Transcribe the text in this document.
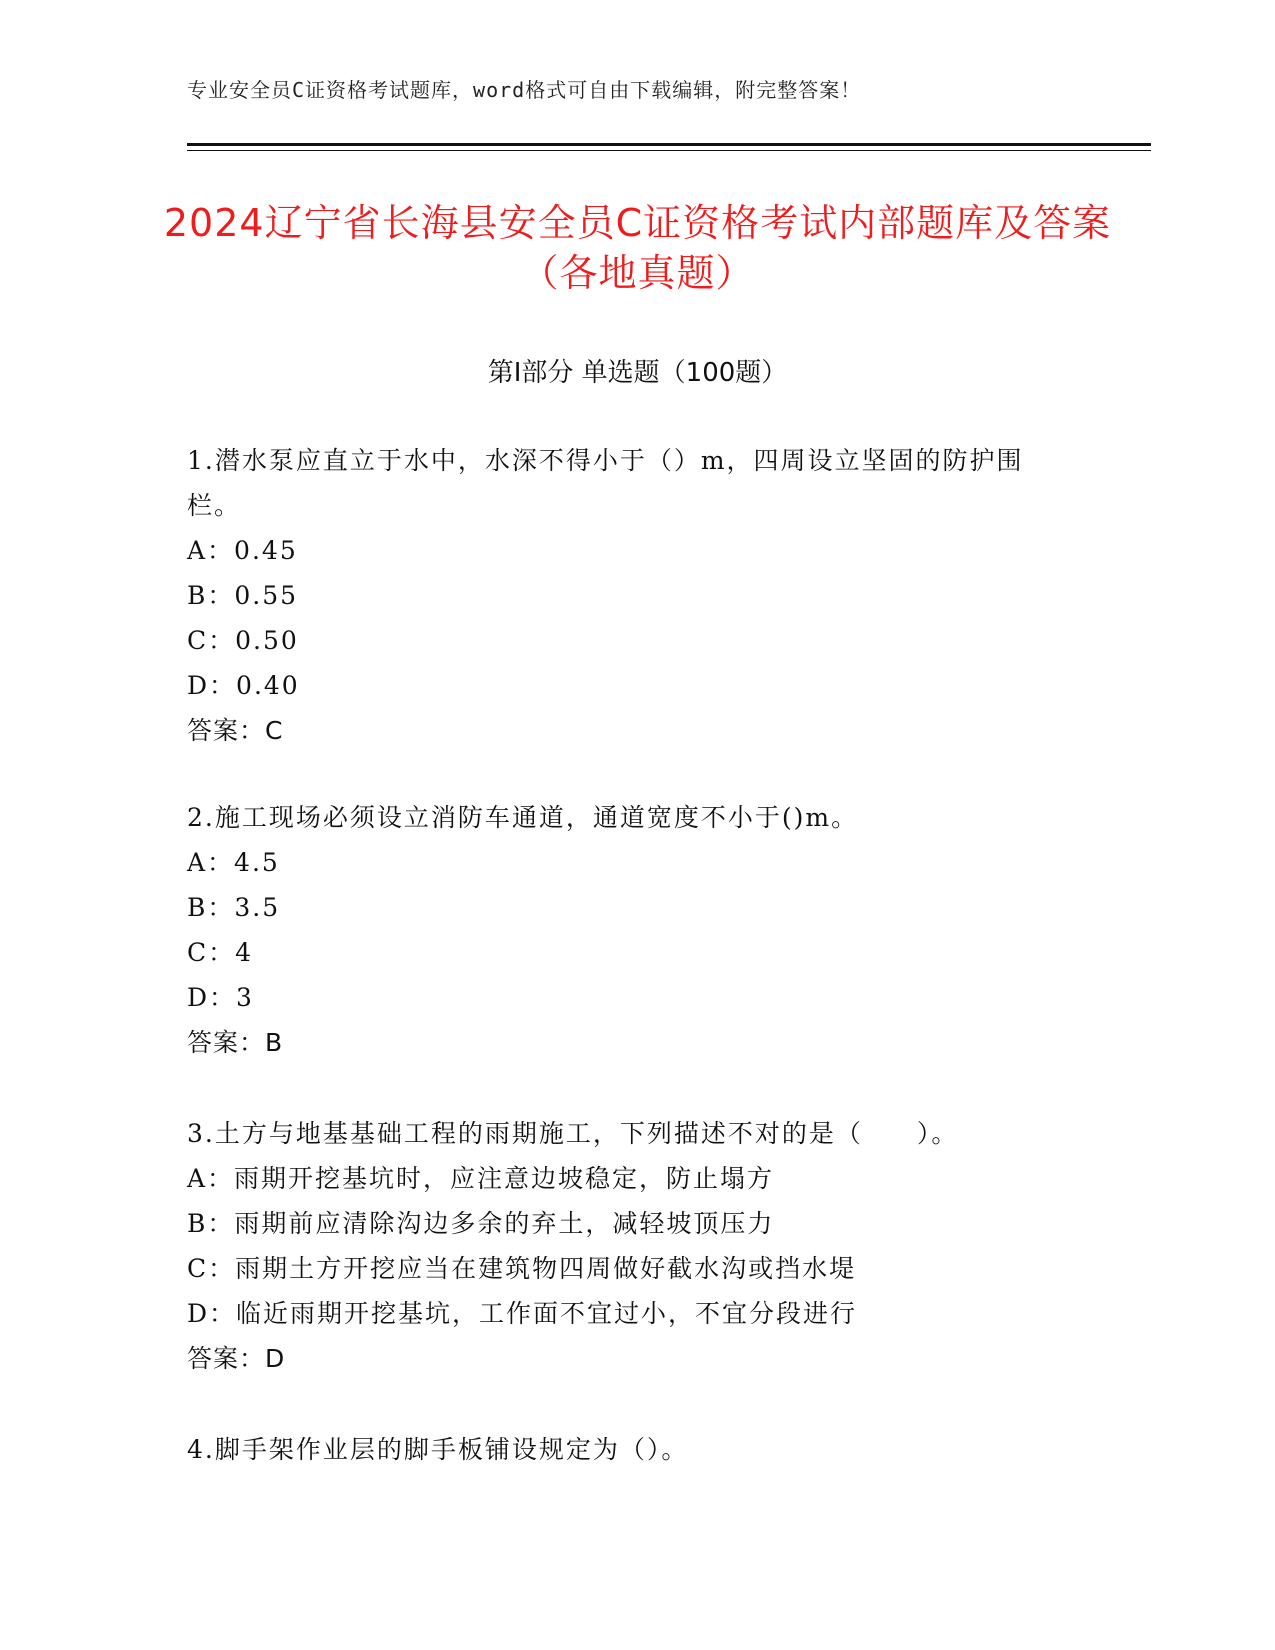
专业安全员C证资格考试题库，word格式可自由下载编辑，附完整答案！
2024辽宁省长海县安全员C证资格考试内部题库及答案（各地真题）
第Ⅰ部分 单选题（100题）

1.潜水泵应直立于水中，水深不得小于（）m，四周设立坚固的防护围栏。

A：0.45

B：0.55

C：0.50

D：0.40

答案：C

2.施工现场必须设立消防车通道，通道宽度不小于()m。

A：4.5

B：3.5

C：4

D：3

答案：B

3.土方与地基基础工程的雨期施工，下列描述不对的是（　　）。

A：雨期开挖基坑时，应注意边坡稳定，防止塌方

B：雨期前应清除沟边多余的弃土，减轻坡顶压力

C：雨期土方开挖应当在建筑物四周做好截水沟或挡水堤

D：临近雨期开挖基坑，工作面不宜过小，不宜分段进行

答案：D

4.脚手架作业层的脚手板铺设规定为（）。
